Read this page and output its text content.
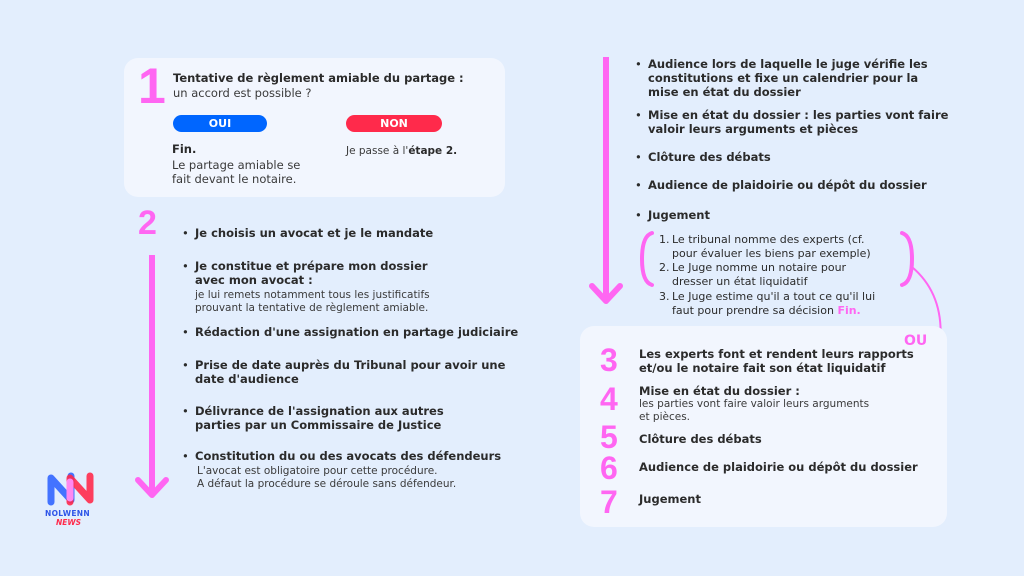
1 Tentative de règlement amiable du partage :
un accord est possible ?
OUI	NON
Fin.
Le partage amiable se
fait devant le notaire.
Je passe à l'étape 2.
2 • Je choisis un avocat et je le mandate
• Je constitue et prépare mon dossier
avec mon avocat :
je lui remets notamment tous les justificatifs
prouvant la tentative de règlement amiable.
• Rédaction d'une assignation en partage judiciaire
• Prise de date auprès du Tribunal pour avoir une
date d'audience
• Délivrance de l'assignation aux autres
parties par un Commissaire de Justice
• Constitution du ou des avocats des défendeurs
L'avocat est obligatoire pour cette procédure.
A défaut la procédure se déroule sans défendeur.
• Audience lors de laquelle le juge vérifie les
constitutions et fixe un calendrier pour la
mise en état du dossier
• Mise en état du dossier : les parties vont faire
valoir leurs arguments et pièces
• Clôture des débats
• Audience de plaidoirie ou dépôt du dossier
• Jugement
1. Le tribunal nomme des experts (cf.
pour évaluer les biens par exemple)
2. Le Juge nomme un notaire pour
dresser un état liquidatif
3. Le Juge estime qu'il a tout ce qu'il lui
faut pour prendre sa décision Fin.
OU
3 Les experts font et rendent leurs rapports
et/ou le notaire fait son état liquidatif
4 Mise en état du dossier :
les parties vont faire valoir leurs arguments
et pièces.
5 Clôture des débats
6 Audience de plaidoirie ou dépôt du dossier
7 Jugement
NOLWENN
NEWS
